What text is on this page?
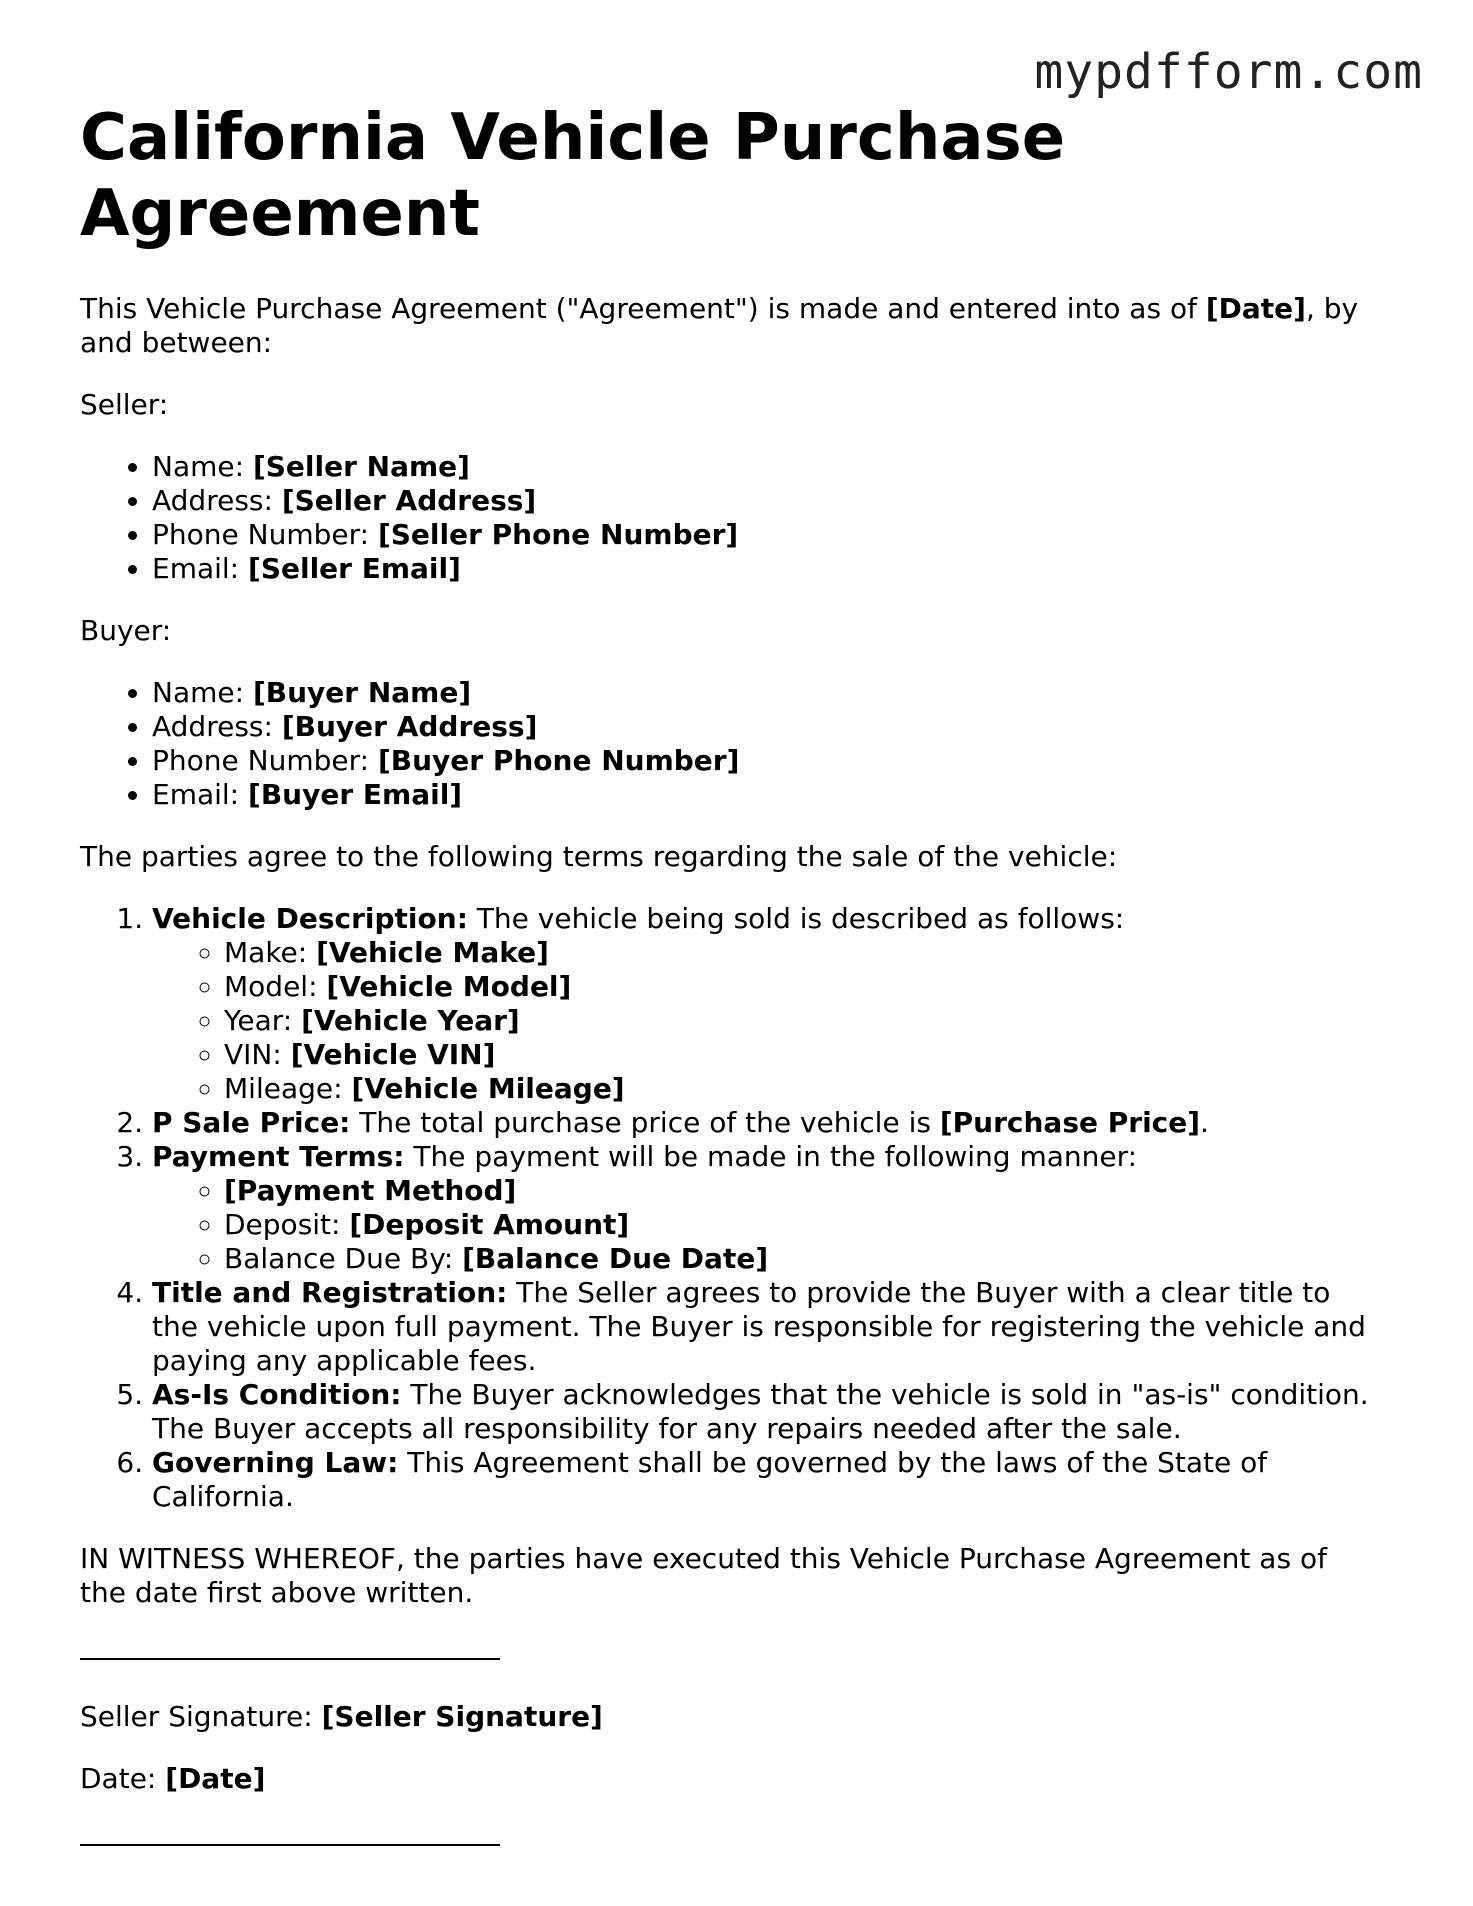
mypdfform.com
California Vehicle Purchase Agreement

This Vehicle Purchase Agreement ("Agreement") is made and entered into as of [Date], by and between:

Seller:

• Name: [Seller Name]
• Address: [Seller Address]
• Phone Number: [Seller Phone Number]
• Email: [Seller Email]

Buyer:

• Name: [Buyer Name]
• Address: [Buyer Address]
• Phone Number: [Buyer Phone Number]
• Email: [Buyer Email]

The parties agree to the following terms regarding the sale of the vehicle:

1. Vehicle Description: The vehicle being sold is described as follows:
◦ Make: [Vehicle Make]
◦ Model: [Vehicle Model]
◦ Year: [Vehicle Year]
◦ VIN: [Vehicle VIN]
◦ Mileage: [Vehicle Mileage]
2. P Sale Price: The total purchase price of the vehicle is [Purchase Price].
3. Payment Terms: The payment will be made in the following manner:
◦ [Payment Method]
◦ Deposit: [Deposit Amount]
◦ Balance Due By: [Balance Due Date]
4. Title and Registration: The Seller agrees to provide the Buyer with a clear title to the vehicle upon full payment. The Buyer is responsible for registering the vehicle and paying any applicable fees.
5. As-Is Condition: The Buyer acknowledges that the vehicle is sold in "as-is" condition. The Buyer accepts all responsibility for any repairs needed after the sale.
6. Governing Law: This Agreement shall be governed by the laws of the State of California.

IN WITNESS WHEREOF, the parties have executed this Vehicle Purchase Agreement as of the date first above written.

Seller Signature: [Seller Signature]

Date: [Date]
